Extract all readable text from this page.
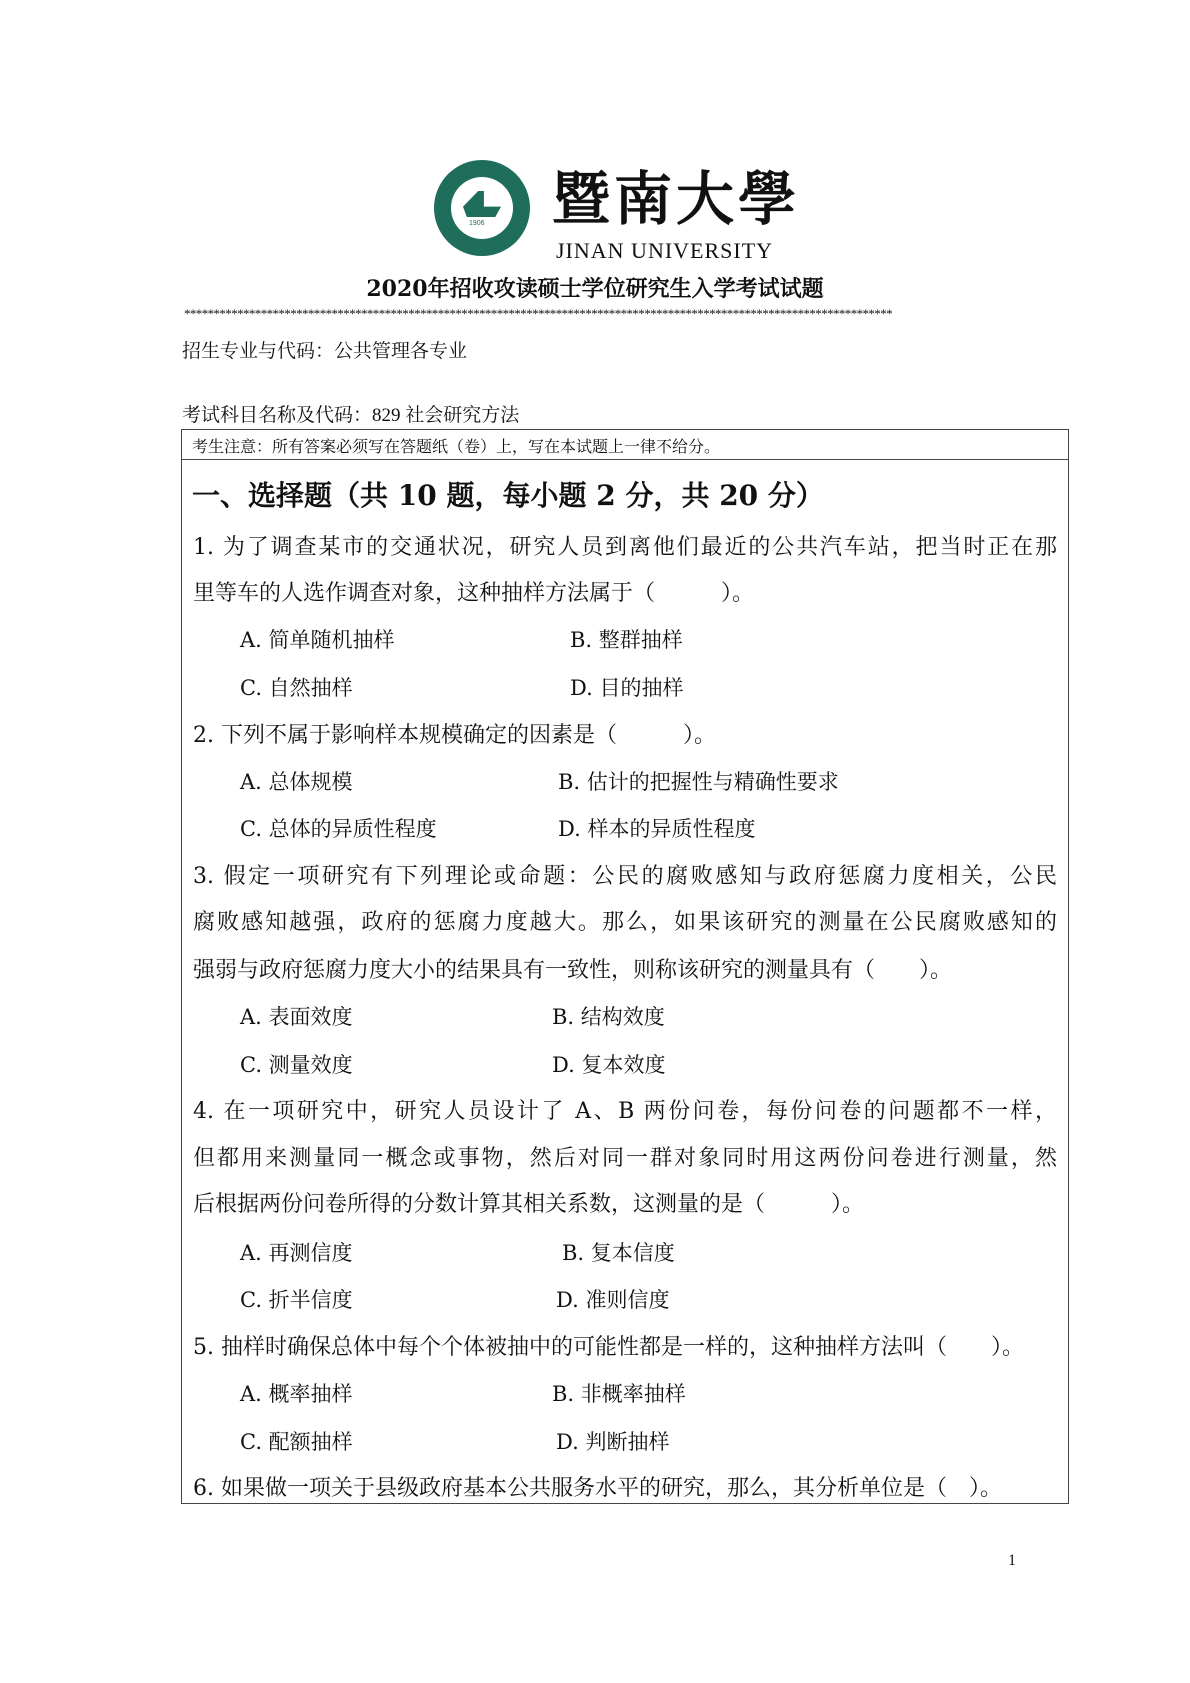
1906 暨南大學
JINAN UNIVERSITY
2020年招收攻读硕士学位研究生入学考试试题
************************************************************************************************************************
招生专业与代码：公共管理各专业
考试科目名称及代码：829 社会研究方法
考生注意：所有答案必须写在答题纸（卷）上，写在本试题上一律不给分。
一、选择题（共 10 题，每小题 2 分，共 20 分）
1. 为了调查某市的交通状况，研究人员到离他们最近的公共汽车站，把当时正在那
里等车的人选作调查对象，这种抽样方法属于（　　　）。
A. 简单随机抽样	B. 整群抽样
C. 自然抽样	D. 目的抽样
2. 下列不属于影响样本规模确定的因素是（　　　）。
A. 总体规模	B. 估计的把握性与精确性要求
C. 总体的异质性程度	D. 样本的异质性程度
3. 假定一项研究有下列理论或命题：公民的腐败感知与政府惩腐力度相关，公民
腐败感知越强，政府的惩腐力度越大。那么，如果该研究的测量在公民腐败感知的
强弱与政府惩腐力度大小的结果具有一致性，则称该研究的测量具有（　　）。
A. 表面效度	B. 结构效度
C. 测量效度	D. 复本效度
4. 在一项研究中，研究人员设计了 A、B 两份问卷，每份问卷的问题都不一样，
但都用来测量同一概念或事物，然后对同一群对象同时用这两份问卷进行测量，然
后根据两份问卷所得的分数计算其相关系数，这测量的是（　　　）。
A. 再测信度	B. 复本信度
C. 折半信度	D. 准则信度
5. 抽样时确保总体中每个个体被抽中的可能性都是一样的，这种抽样方法叫（　　）。
A. 概率抽样	B. 非概率抽样
C. 配额抽样	D. 判断抽样
6. 如果做一项关于县级政府基本公共服务水平的研究，那么，其分析单位是（　）。
1
